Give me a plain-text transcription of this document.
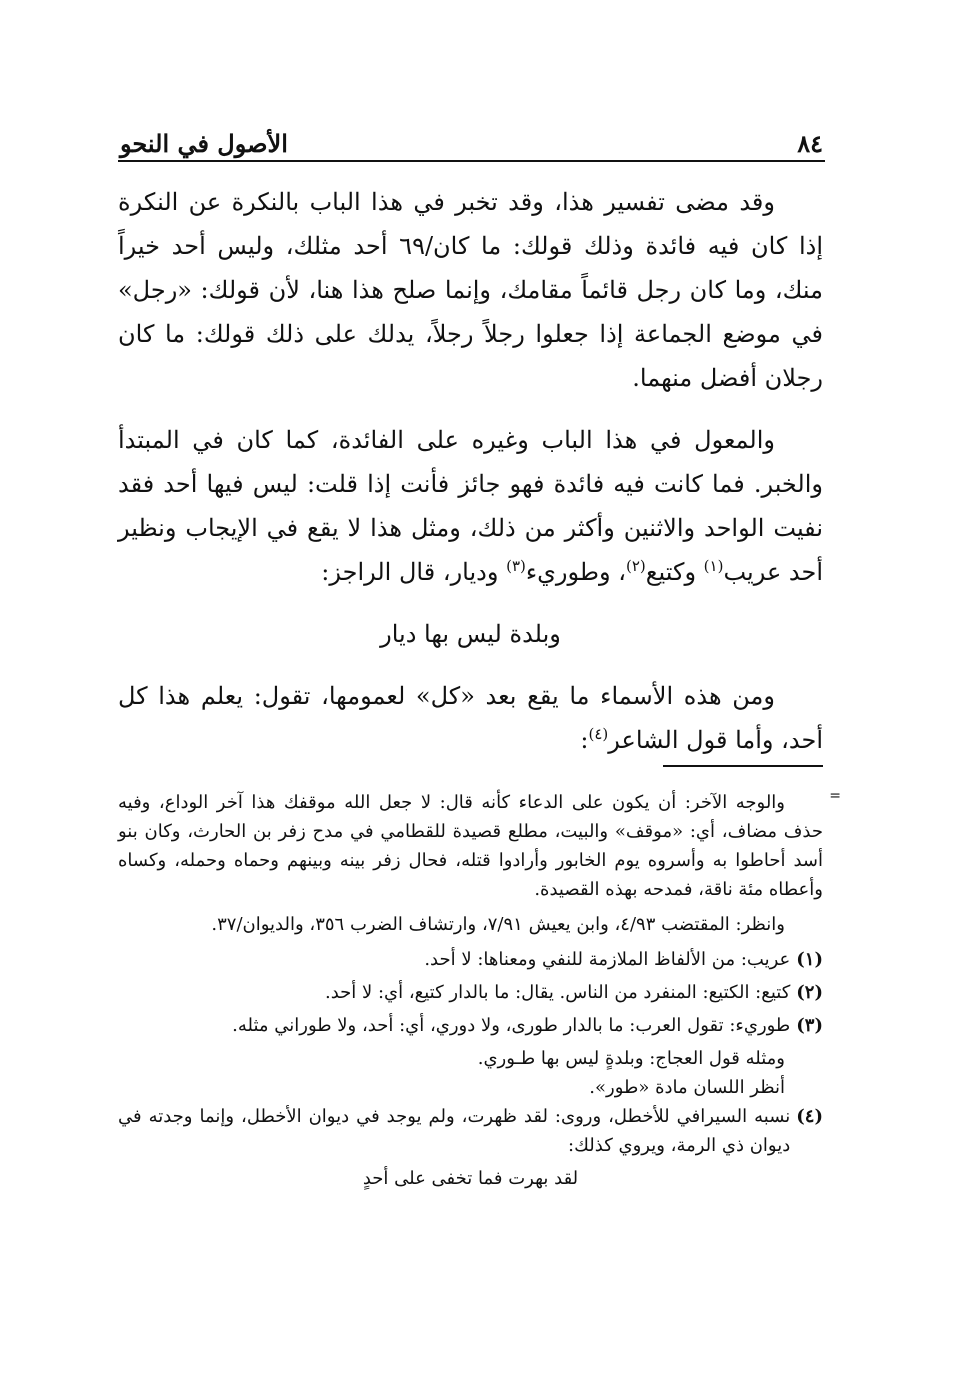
٨٤
الأصول في النحو

وقد مضى تفسير هذا، وقد تخبر في هذا الباب بالنكرة عن النكرة إذا كان فيه فائدة وذلك قولك: ما كان/٦٩ أحد مثلك، وليس أحد خيراً منك، وما كان رجل قائماً مقامك، وإنما صلح هذا هنا، لأن قولك: «رجل» في موضع الجماعة إذا جعلوا رجلاً رجلاً، يدلك على ذلك قولك: ما كان رجلان أفضل منهما.

والمعول في هذا الباب وغيره على الفائدة، كما كان في المبتدأ والخبر. فما كانت فيه فائدة فهو جائز فأنت إذا قلت: ليس فيها أحد فقد نفيت الواحد والاثنين وأكثر من ذلك، ومثل هذا لا يقع في الإيجاب ونظير أحد عريب$^{(١)}$ وكتيع$^{(٢)}$، وطوريء$^{(٣)}$ وديار، قال الراجز:

وبلدة ليس بها ديار

ومن هذه الأسماء ما يقع بعد «كل» لعمومها، تقول: يعلم هذا كل أحد، وأما قول الشاعر$^{(٤)}$:

=

والوجه الآخر: أن يكون على الدعاء كأنه قال: لا جعل الله موقفك هذا آخر الوداع، وفيه حذف مضاف، أي: «موقف» والبيت، مطلع قصيدة للقطامي في مدح زفر بن الحارث، وكان بنو أسد أحاطوا به وأسروه يوم الخابور وأرادوا قتله، فحال زفر بينه وبينهم وحماه وحمله، وكساه وأعطاه مئة ناقة، فمدحه بهذه القصيدة.

وانظر: المقتضب ٤/٩٣، وابن يعيش ٧/٩١، وارتشاف الضرب ٣٥٦، والديوان/٣٧.

(١)
عريب: من الألفاظ الملازمة للنفي ومعناها: لا أحد.
(٢)
كتيع: الكتيع: المنفرد من الناس. يقال: ما بالدار كتيع، أي: لا أحد.
(٣)
طوريء: تقول العرب: ما بالدار طورى، ولا دوري، أي: أحد، ولا طوراني مثله.

ومثله قول العجاج: وبلدةٍ ليس بها طـوري.

أنظر اللسان مادة «طور».

(٤)
نسبه السيرافي للأخطل، وروى: لقد ظهرت، ولم يوجد في ديوان الأخطل، وإنما وجدته في ديوان ذي الرمة، ويروي كذلك:

لقد بهرت فما تخفى على أحدٍ
